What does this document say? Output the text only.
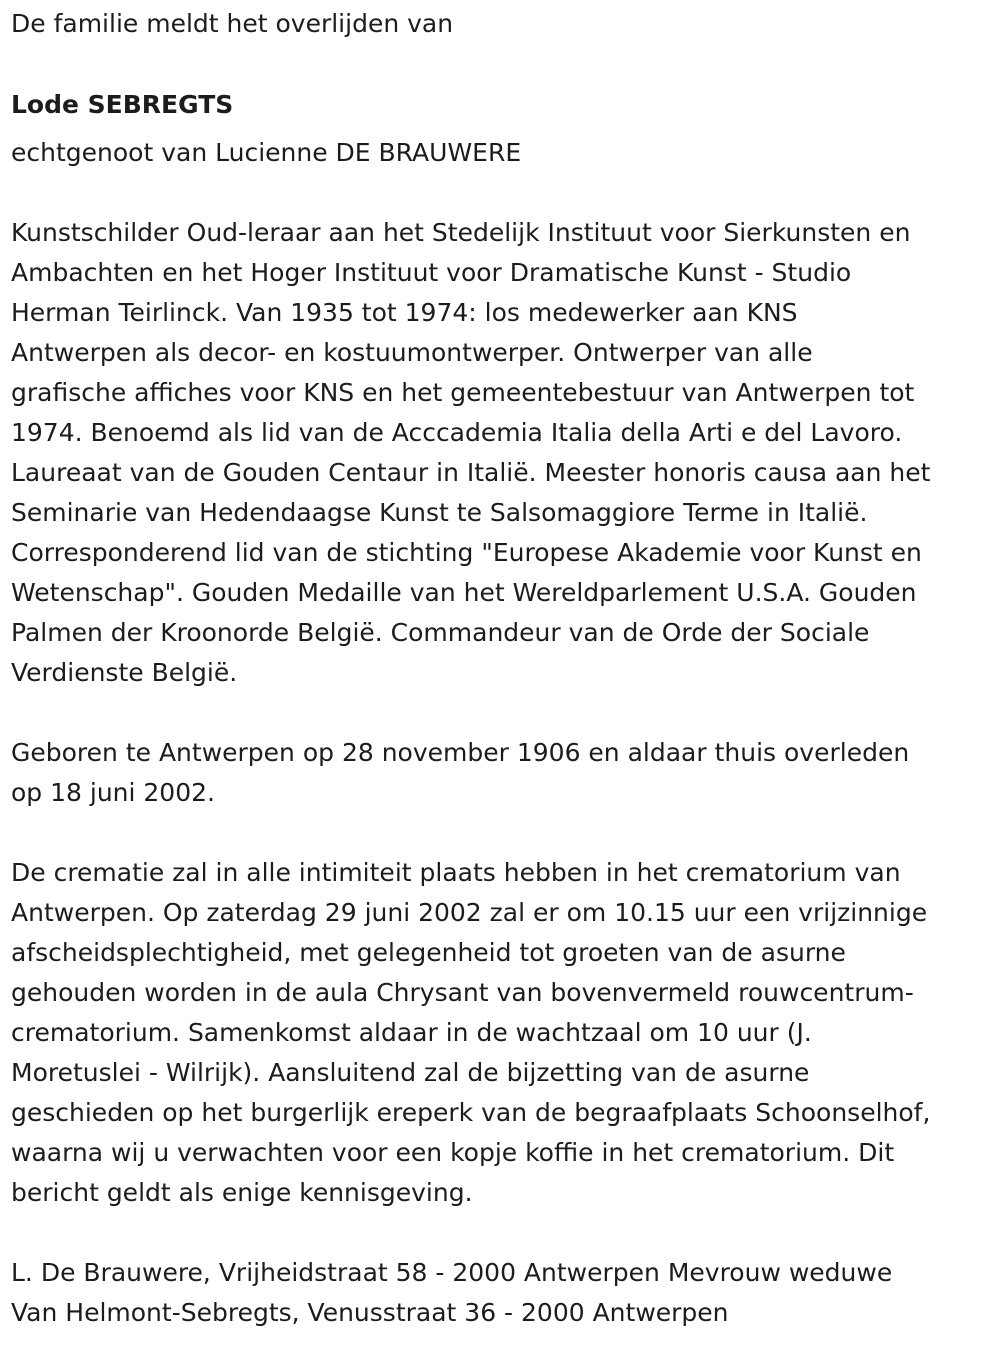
De familie meldt het overlijden van
Lode SEBREGTS
echtgenoot van Lucienne DE BRAUWERE
Kunstschilder Oud-leraar aan het Stedelijk Instituut voor Sierkunsten en
Ambachten en het Hoger Instituut voor Dramatische Kunst - Studio
Herman Teirlinck. Van 1935 tot 1974: los medewerker aan KNS
Antwerpen als decor- en kostuumontwerper. Ontwerper van alle
grafische affiches voor KNS en het gemeentebestuur van Antwerpen tot
1974. Benoemd als lid van de Acccademia Italia della Arti e del Lavoro.
Laureaat van de Gouden Centaur in Italië. Meester honoris causa aan het
Seminarie van Hedendaagse Kunst te Salsomaggiore Terme in Italië.
Corresponderend lid van de stichting "Europese Akademie voor Kunst en
Wetenschap". Gouden Medaille van het Wereldparlement U.S.A. Gouden
Palmen der Kroonorde België. Commandeur van de Orde der Sociale
Verdienste België.
Geboren te Antwerpen op 28 november 1906 en aldaar thuis overleden
op 18 juni 2002.
De crematie zal in alle intimiteit plaats hebben in het crematorium van
Antwerpen. Op zaterdag 29 juni 2002 zal er om 10.15 uur een vrijzinnige
afscheidsplechtigheid, met gelegenheid tot groeten van de asurne
gehouden worden in de aula Chrysant van bovenvermeld rouwcentrum-
crematorium. Samenkomst aldaar in de wachtzaal om 10 uur (J.
Moretuslei - Wilrijk). Aansluitend zal de bijzetting van de asurne
geschieden op het burgerlijk ereperk van de begraafplaats Schoonselhof,
waarna wij u verwachten voor een kopje koffie in het crematorium. Dit
bericht geldt als enige kennisgeving.
L. De Brauwere, Vrijheidstraat 58 - 2000 Antwerpen Mevrouw weduwe
Van Helmont-Sebregts, Venusstraat 36 - 2000 Antwerpen
